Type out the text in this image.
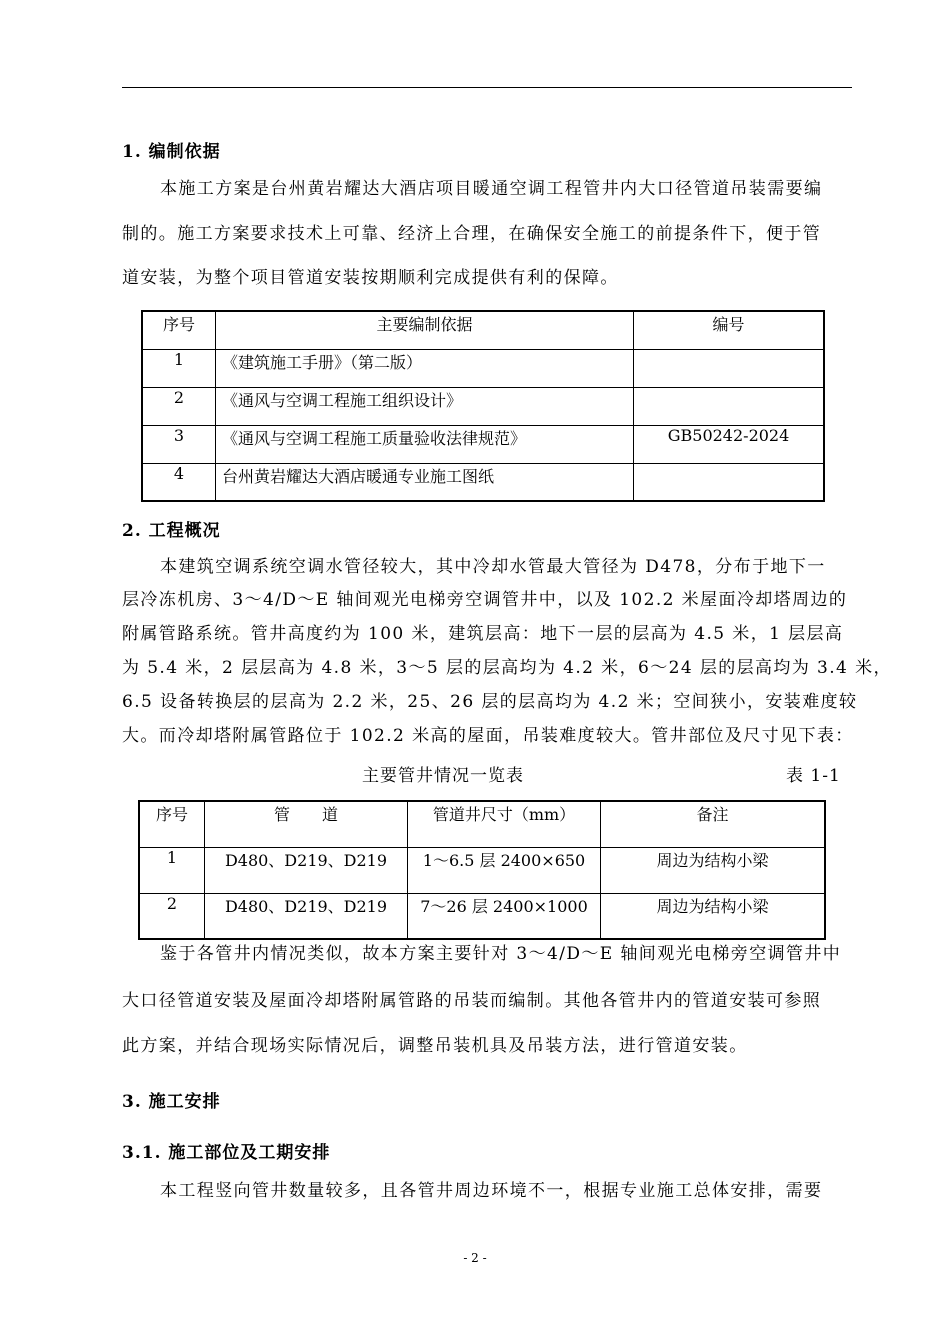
1. 编制依据
本施工方案是台州黄岩耀达大酒店项目暖通空调工程管井内大口径管道吊装需要编
制的。施工方案要求技术上可靠、经济上合理，在确保安全施工的前提条件下，便于管
道安装，为整个项目管道安装按期顺利完成提供有利的保障。
序号	主要编制依据	编号
1	《建筑施工手册》（第二版）	
2	《通风与空调工程施工组织设计》	
3	《通风与空调工程施工质量验收法律规范》	GB50242-2024
4	台州黄岩耀达大酒店暖通专业施工图纸	
2. 工程概况
本建筑空调系统空调水管径较大，其中冷却水管最大管径为 D478，分布于地下一
层冷冻机房、3～4/D～E 轴间观光电梯旁空调管井中，以及 102.2 米屋面冷却塔周边的
附属管路系统。管井高度约为 100 米，建筑层高：地下一层的层高为 4.5 米，1 层层高
为 5.4 米，2 层层高为 4.8 米，3～5 层的层高均为 4.2 米，6～24 层的层高均为 3.4 米，
6.5 设备转换层的层高为 2.2 米，25、26 层的层高均为 4.2 米；空间狭小，安装难度较
大。而冷却塔附属管路位于 102.2 米高的屋面，吊装难度较大。管井部位及尺寸见下表：
主要管井情况一览表	表 1-1
序号	管　　道	管道井尺寸（mm）	备注
1	D480、D219、D219	1～6.5 层 2400×650	周边为结构小梁
2	D480、D219、D219	7～26 层 2400×1000	周边为结构小梁
鉴于各管井内情况类似，故本方案主要针对 3～4/D～E 轴间观光电梯旁空调管井中
大口径管道安装及屋面冷却塔附属管路的吊装而编制。其他各管井内的管道安装可参照
此方案，并结合现场实际情况后，调整吊装机具及吊装方法，进行管道安装。
3. 施工安排
3.1. 施工部位及工期安排
本工程竖向管井数量较多，且各管井周边环境不一，根据专业施工总体安排，需要
- 2 -
